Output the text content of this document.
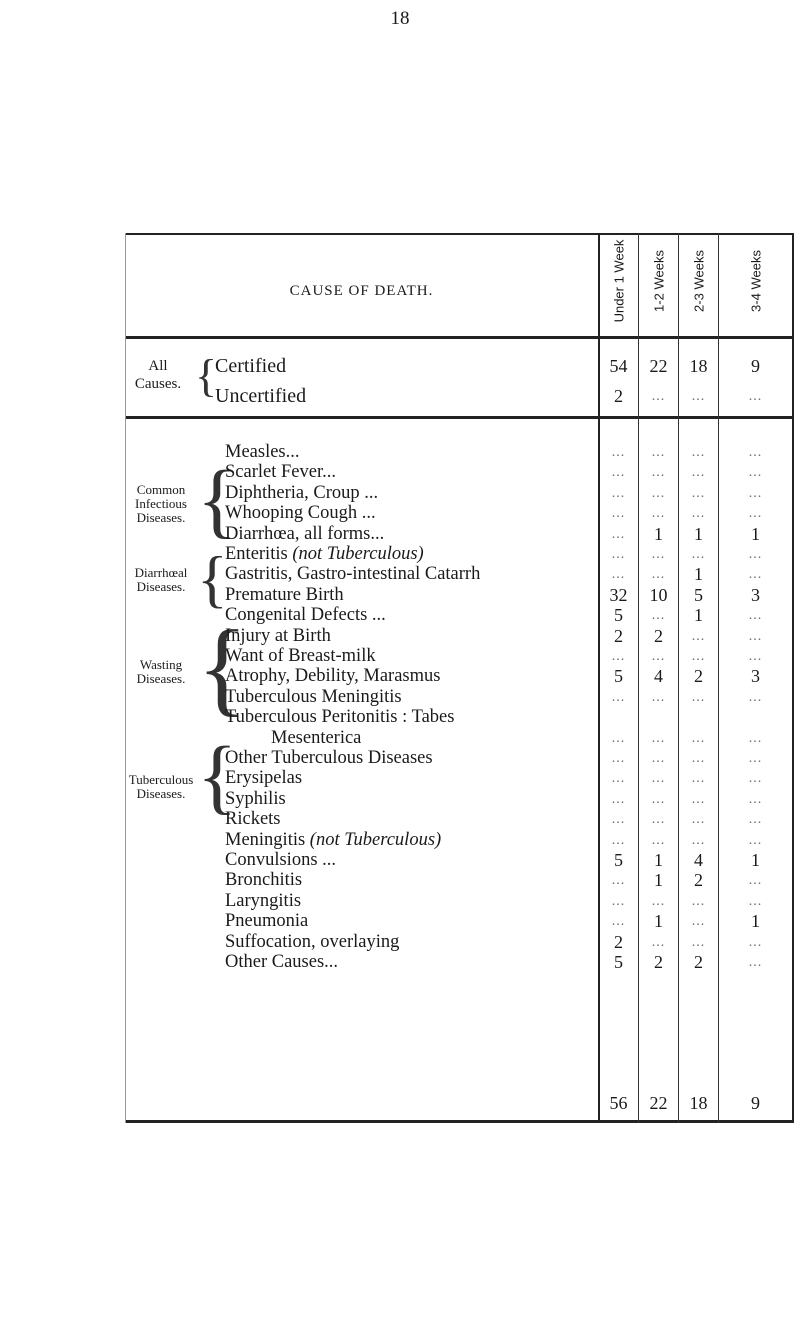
18
CAUSE OF DEATH.	Under 1 Week 1-2 Weeks 2-3 Weeks	3-4 Weeks
All Causes. {
Common Infectious Diseases. {
Diarrhœal Diseases. {
Wasting Diseases. {
Tuberculous Diseases. {
Certified	54	22	18	9
Uncertified	2	...	...	...
Measles...	...	...	...	...
Scarlet Fever...	...	...	...	...
Diphtheria, Croup ...	...	...	...	...
Whooping Cough ...	...	...	...	...
Diarrhœa, all forms...	...	1	1	1
Enteritis (not Tuberculous)	...	...	...	...
Gastritis, Gastro-intestinal Catarrh	...	...	1	...
Premature Birth	32	10	5	3
Congenital Defects ...	5	...	1	...
Injury at Birth	2	2	...	...
Want of Breast-milk	...	...	...	...
Atrophy, Debility, Marasmus	5	4	2	3
Tuberculous Meningitis	...	...	...	...
Tuberculous Peritonitis : Tabes
Mesenterica	...	...	...	...
Other Tuberculous Diseases	...	...	...	...
Erysipelas	...	...	...	...
Syphilis	...	...	...	...
Rickets	...	...	...	...
Meningitis (not Tuberculous)	...	...	...	...
Convulsions ...	5	1	4	1
Bronchitis	...	1	2	...
Laryngitis	...	...	...	...
Pneumonia	...	1	...	1
Suffocation, overlaying	2	...	...	...
Other Causes...	5	2	2	...
56	22	18	9
